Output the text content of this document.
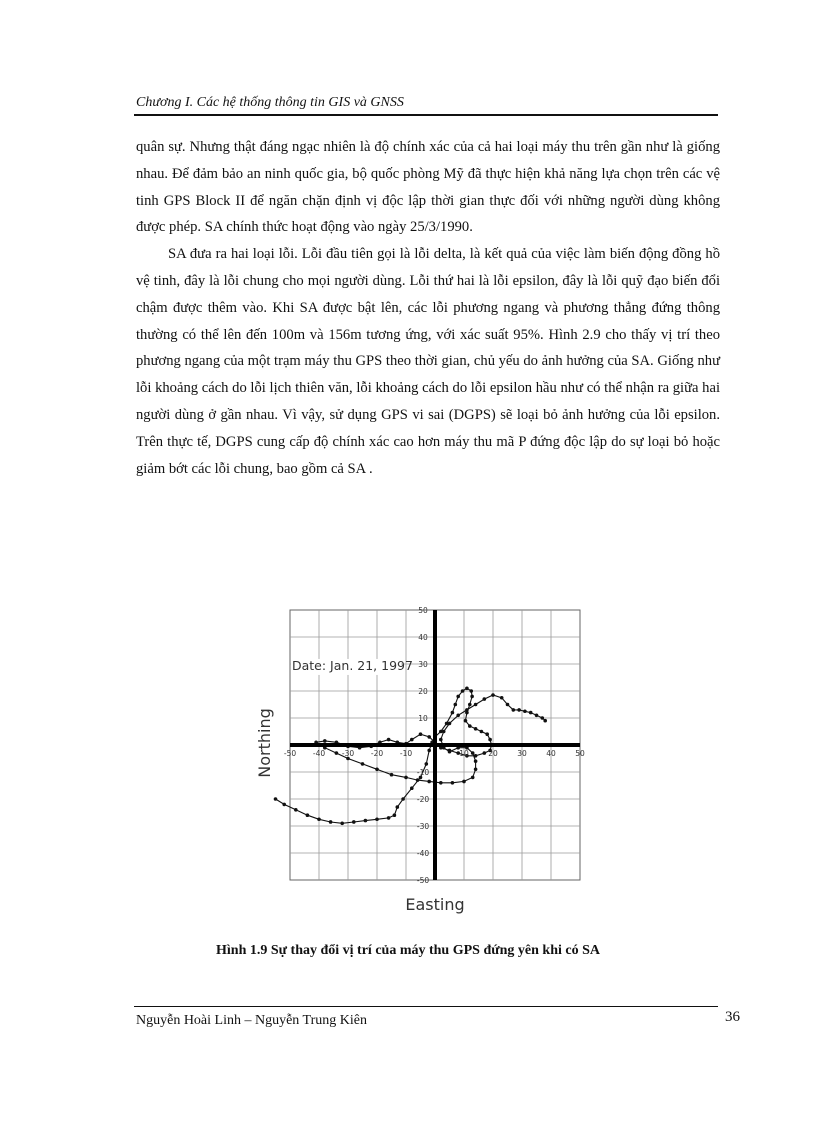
Chương I. Các hệ thống thông tin GIS và GNSS

quân sự. Nhưng thật đáng ngạc nhiên là độ chính xác của cả hai loại máy thu trên gần như là giống nhau. Để đảm bảo an ninh quốc gia, bộ quốc phòng Mỹ đã thực hiện khả năng lựa chọn trên các vệ tinh GPS Block II để ngăn chặn định vị độc lập thời gian thực đối với những người dùng không được phép. SA chính thức hoạt động vào ngày 25/3/1990.

SA đưa ra hai loại lỗi. Lỗi đầu tiên gọi là lỗi delta, là kết quả của việc làm biến động đồng hồ vệ tinh, đây là lỗi chung cho mọi người dùng. Lỗi thứ hai là lỗi epsilon, đây là lỗi quỹ đạo biến đổi chậm được thêm vào. Khi SA được bật lên, các lỗi phương ngang và phương thẳng đứng thông thường có thể lên đến 100m và 156m tương ứng, với xác suất 95%. Hình 2.9 cho thấy vị trí theo phương ngang của một trạm máy thu GPS theo thời gian, chủ yếu do ảnh hưởng của SA. Giống như lỗi khoảng cách do lỗi lịch thiên văn, lỗi khoảng cách do lỗi epsilon hầu như có thể nhận ra giữa hai người dùng ở gần nhau. Vì vậy, sử dụng GPS vi sai (DGPS) sẽ loại bỏ ảnh hưởng của lỗi epsilon. Trên thực tế, DGPS cung cấp độ chính xác cao hơn máy thu mã P đứng độc lập do sự loại bỏ hoặc giảm bớt các lỗi chung, bao gồm cả SA .

-50 -40 -30 -20 -10	10	20	30	40	50
50
40
30
20
10
-10
-20
-30
-40
-50
Date: Jan. 21, 1997
Easting
Northing
Hình 1.9 Sự thay đổi vị trí của máy thu GPS đứng yên khi có SA
Nguyễn Hoài Linh – Nguyễn Trung Kiên	36
